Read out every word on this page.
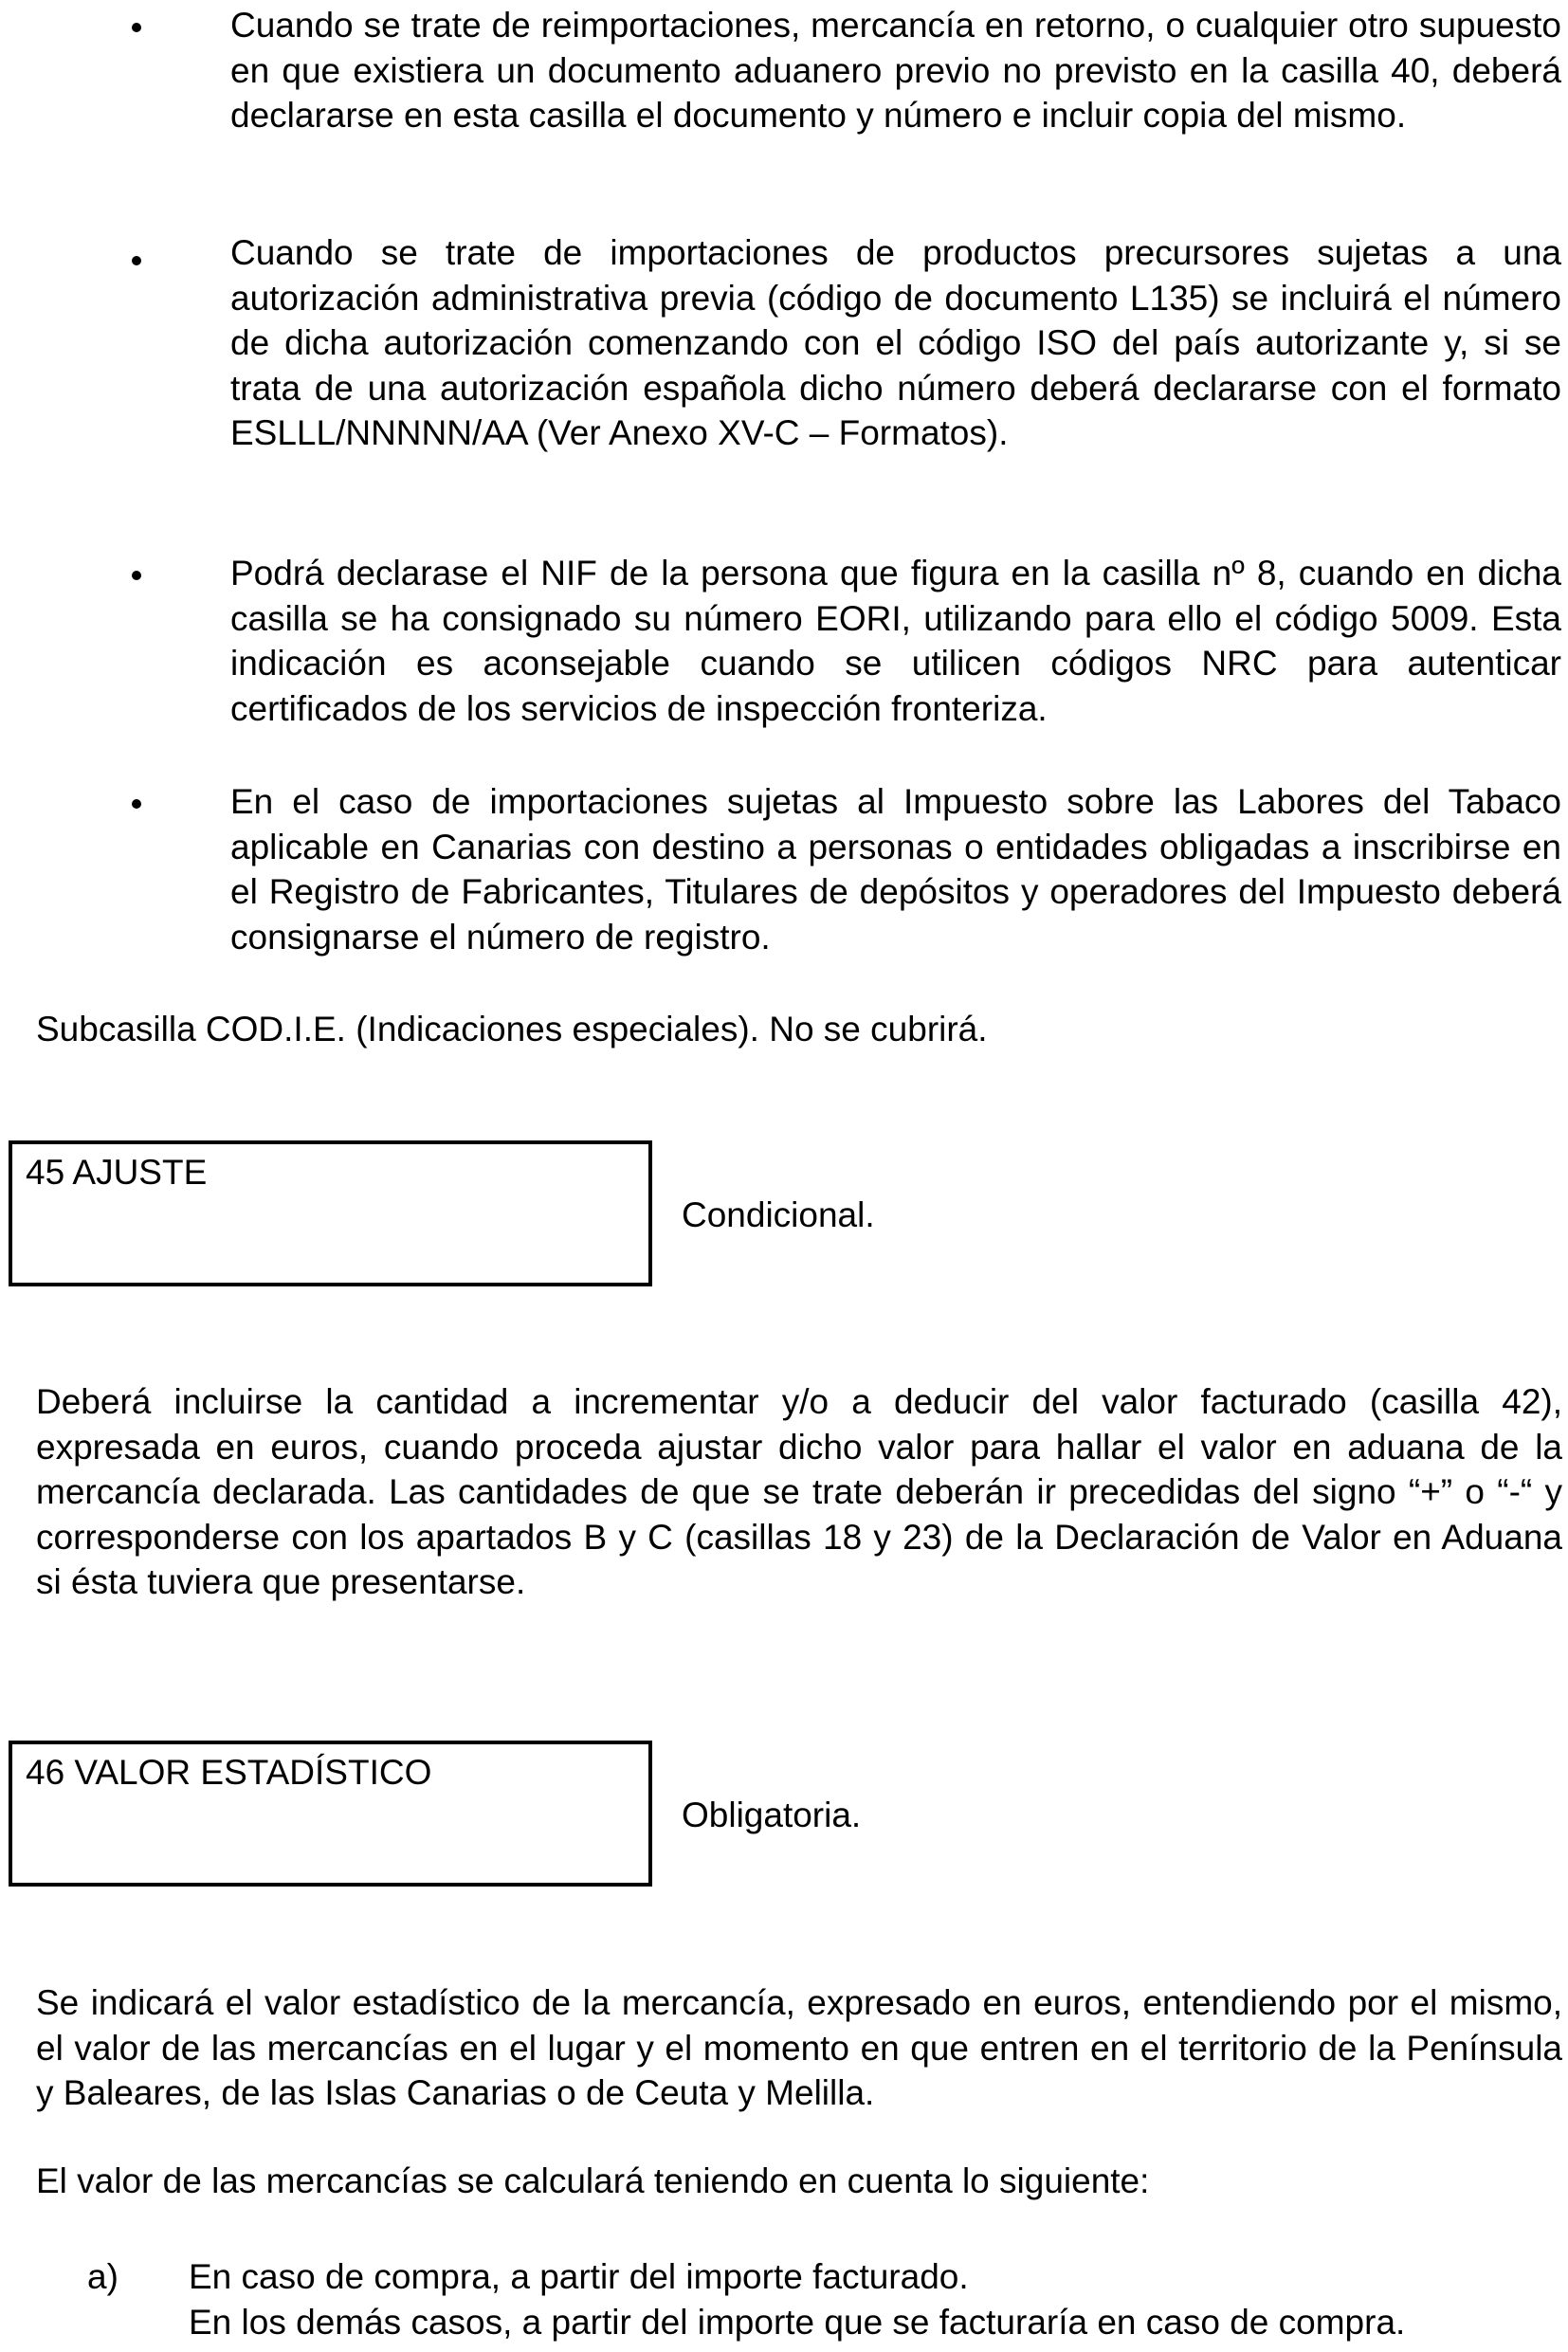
Cuando se trate de reimportaciones, mercancía en retorno, o cualquier otro supuesto en que existiera un documento aduanero previo no previsto en la casilla 40, deberá declararse en esta casilla el documento y número e incluir copia del mismo.

Cuando se trate de importaciones de productos precursores sujetas a una autorización administrativa previa (código de documento L135) se incluirá el número de dicha autorización comenzando con el código ISO del país autorizante y, si se trata de una autorización española dicho número deberá declararse con el formato ESLLL/NNNNN/AA (Ver Anexo XV-C – Formatos).

Podrá declarase el NIF de la persona que figura en la casilla nº 8, cuando en dicha casilla se ha consignado su número EORI, utilizando para ello el código 5009. Esta indicación es aconsejable cuando se utilicen códigos NRC para autenticar certificados de los servicios de inspección fronteriza.

En el caso de importaciones sujetas al Impuesto sobre las Labores del Tabaco aplicable en Canarias con destino a personas o entidades obligadas a inscribirse en el Registro de Fabricantes, Titulares de depósitos y operadores del Impuesto deberá consignarse el número de registro.

Subcasilla COD.I.E. (Indicaciones especiales). No se cubrirá.

45 AJUSTE
Condicional.

Deberá incluirse la cantidad a incrementar y/o a deducir del valor facturado (casilla 42), expresada en euros, cuando proceda ajustar dicho valor para hallar el valor en aduana de la mercancía declarada. Las cantidades de que se trate deberán ir precedidas del signo “+” o “-“ y corresponderse con los apartados B y C (casillas 18 y 23) de la Declaración de Valor en Aduana si ésta tuviera que presentarse.

46 VALOR ESTADÍSTICO
Obligatoria.

Se indicará el valor estadístico de la mercancía, expresado en euros, entendiendo por el mismo, el valor de las mercancías en el lugar y el momento en que entren en el territorio de la Península y Baleares, de las Islas Canarias o de Ceuta y Melilla.

El valor de las mercancías se calculará teniendo en cuenta lo siguiente:

a) En caso de compra, a partir del importe facturado.
En los demás casos, a partir del importe que se facturaría en caso de compra.
